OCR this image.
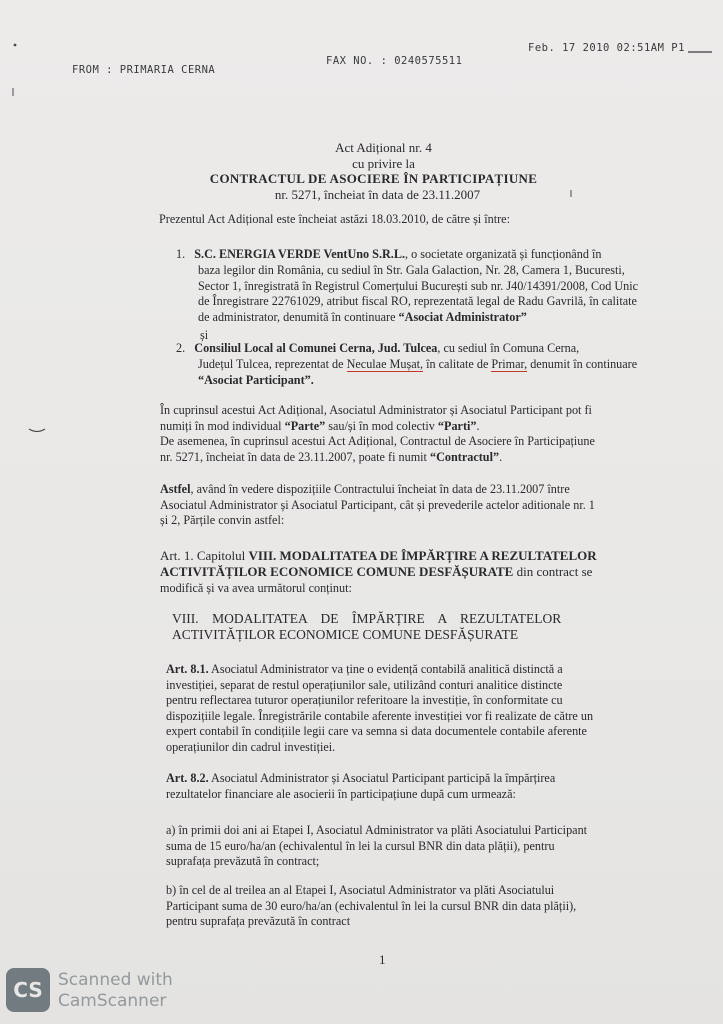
FROM : PRIMARIA CERNA
FAX NO. : 0240575511
Feb. 17 2010 02:51AM P1
Act Adițional nr. 4
cu privire la
CONTRACTUL DE ASOCIERE ÎN PARTICIPAȚIUNE
nr. 5271, încheiat în data de 23.11.2007
Prezentul Act Adițional este încheiat astăzi 18.03.2010, de către și între:
1. S.C. ENERGIA VERDE VentUno S.R.L., o societate organizată și funcționând în
baza legilor din România, cu sediul în Str. Gala Galaction, Nr. 28, Camera 1, Bucuresti,
Sector 1, înregistrată în Registrul Comerțului București sub nr. J40/14391/2008, Cod Unic
de Înregistrare 22761029, atribut fiscal RO, reprezentată legal de Radu Gavrilă, în calitate
de administrator, denumită în continuare “Asociat Administrator”
și
2. Consiliul Local al Comunei Cerna, Jud. Tulcea, cu sediul în Comuna Cerna,
Județul Tulcea, reprezentat de Neculae Mușat, în calitate de Primar, denumit în continuare
“Asociat Participant”.
În cuprinsul acestui Act Adițional, Asociatul Administrator și Asociatul Participant pot fi
numiți în mod individual “Parte” sau/și în mod colectiv “Parti”.
De asemenea, în cuprinsul acestui Act Adițional, Contractul de Asociere în Participațiune
nr. 5271, încheiat în data de 23.11.2007, poate fi numit “Contractul”.
Astfel, având în vedere dispozițiile Contractului încheiat în data de 23.11.2007 între
Asociatul Administrator și Asociatul Participant, cât și prevederile actelor aditionale nr. 1
și 2, Părțile convin astfel:
Art. 1. Capitolul VIII. MODALITATEA DE ÎMPĂRȚIRE A REZULTATELOR
ACTIVITĂȚILOR ECONOMICE COMUNE DESFĂȘURATE din contract se
modifică și va avea următorul conținut:
VIII.    MODALITATEA    DE    ÎMPĂRȚIRE    A    REZULTATELOR
ACTIVITĂȚILOR ECONOMICE COMUNE DESFĂȘURATE
Art. 8.1. Asociatul Administrator va ține o evidență contabilă analitică distinctă a
investiției, separat de restul operațiunilor sale, utilizând conturi analitice distincte
pentru reflectarea tuturor operațiunilor referitoare la investiție, în conformitate cu
dispozițiile legale. Înregistrările contabile aferente investiției vor fi realizate de către un
expert contabil în condițiile legii care va semna si data documentele contabile aferente
operațiunilor din cadrul investiției.
Art. 8.2. Asociatul Administrator și Asociatul Participant participă la împărțirea
rezultatelor financiare ale asocierii în participațiune după cum urmează:
a) în primii doi ani ai Etapei I, Asociatul Administrator va plăti Asociatului Participant
suma de 15 euro/ha/an (echivalentul în lei la cursul BNR din data plății), pentru
suprafața prevăzută în contract;
b) în cel de al treilea an al Etapei I, Asociatul Administrator va plăti Asociatului
Participant suma de 30 euro/ha/an (echivalentul în lei la cursul BNR din data plății),
pentru suprafața prevăzută în contract
1
CS Scanned with
CamScanner
